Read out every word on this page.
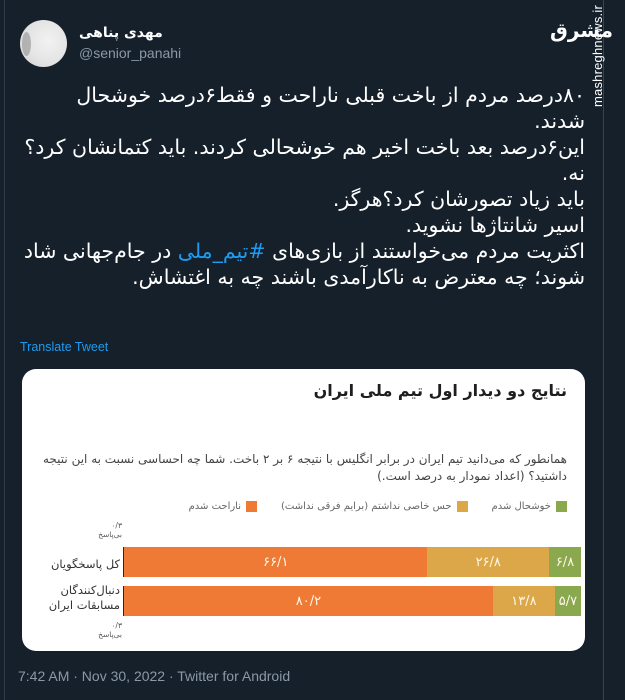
مهدی پناهی
@senior_panahi
مشرق
mashreghnews.ir

۸۰درصد مردم از باخت قبلی ناراحت و فقط۶درصد خوشحال شدند.

این۶درصد بعد باخت اخیر هم خوشحالی کردند. باید کتمانشان کرد؟نه.

باید زیاد تصورشان کرد؟هرگز.

اسیر شانتاژها نشوید.

اکثریت مردم می‌خواستند از بازی‌های #تیم_ملی در جام‌جهانی شاد شوند؛ چه معترض به ناکارآمدی باشند چه به اغتشاش.

Translate Tweet
نتایج دو دیدار اول تیم ملی ایران
همانطور که می‌دانید تیم ایران در برابر انگلیس با نتیجه ۶ بر ۲ باخت. شما چه احساسی نسبت به این نتیجه داشتید؟ (اعداد نمودار به درصد است.)
خوشحال شدم
حس خاصی نداشتم (برایم فرقی نداشت)
ناراحت شدم
۰/۳
بی‌پاسخ
کل پاسخگویان	۶/۸
۲۶/۸
۶۶/۱
دنبال‌کنندگان
مسابقات ایران	۵/۷
۱۳/۸
۸۰/۲
۰/۳
بی‌پاسخ
7:42 AM · Nov 30, 2022 · Twitter for Android
